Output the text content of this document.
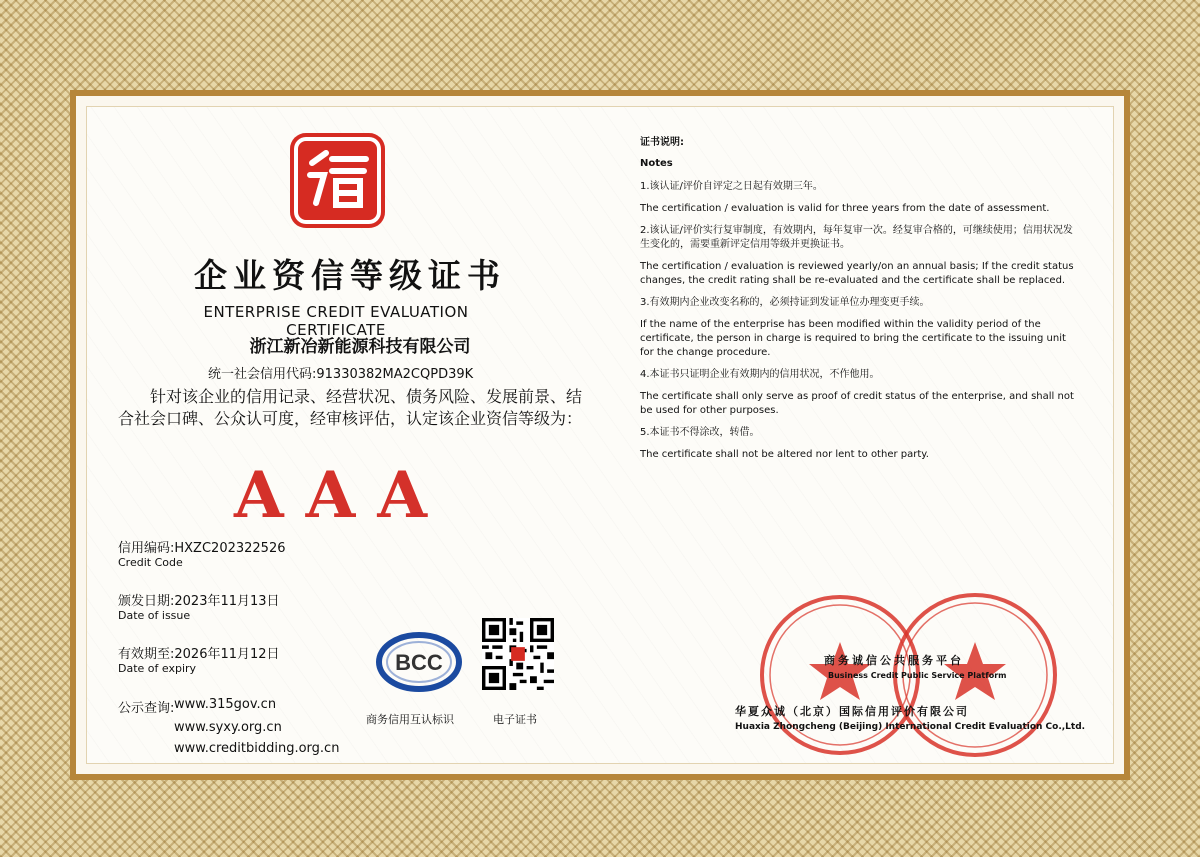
企业资信等级证书
ENTERPRISE CREDIT EVALUATION CERTIFICATE
浙江新冶新能源科技有限公司
统一社会信用代码:91330382MA2CQPD39K
针对该企业的信用记录、经营状况、债务风险、发展前景、结合社会口碑、公众认可度，经审核评估，认定该企业资信等级为：
AAA
信用编码:HXZC202322526
Credit Code
颁发日期:2023年11月13日
Date of issue
有效期至:2026年11月12日
Date of expiry
公示查询: www.315gov.cn
www.syxy.org.cn
www.creditbidding.org.cn
BCC
商务信用互认标识	电子证书

证书说明:

Notes

1.该认证/评价自评定之日起有效期三年。

The certification / evaluation is valid for three years from the date of assessment.

2.该认证/评价实行复审制度，有效期内，每年复审一次。经复审合格的，可继续使用；信用状况发生变化的，需要重新评定信用等级并更换证书。

The certification / evaluation is reviewed yearly/on an annual basis; If the credit status changes, the credit rating shall be re-evaluated and the certificate shall be replaced.

3.有效期内企业改变名称的，必须持证到发证单位办理变更手续。

If the name of the enterprise has been modified within the validity period of the certificate, the person in charge is required to bring the certificate to the issuing unit for the change procedure.

4.本证书只证明企业有效期内的信用状况，不作他用。

The certificate shall only serve as proof of credit status of the enterprise, and shall not be used for other purposes.

5.本证书不得涂改，转借。

The certificate shall not be altered nor lent to other party.

商务诚信公共服务平台
Business Credit Public Service Platform
华夏众诚（北京）国际信用评价有限公司
Huaxia Zhongcheng (Beijing) International Credit Evaluation Co.,Ltd.
